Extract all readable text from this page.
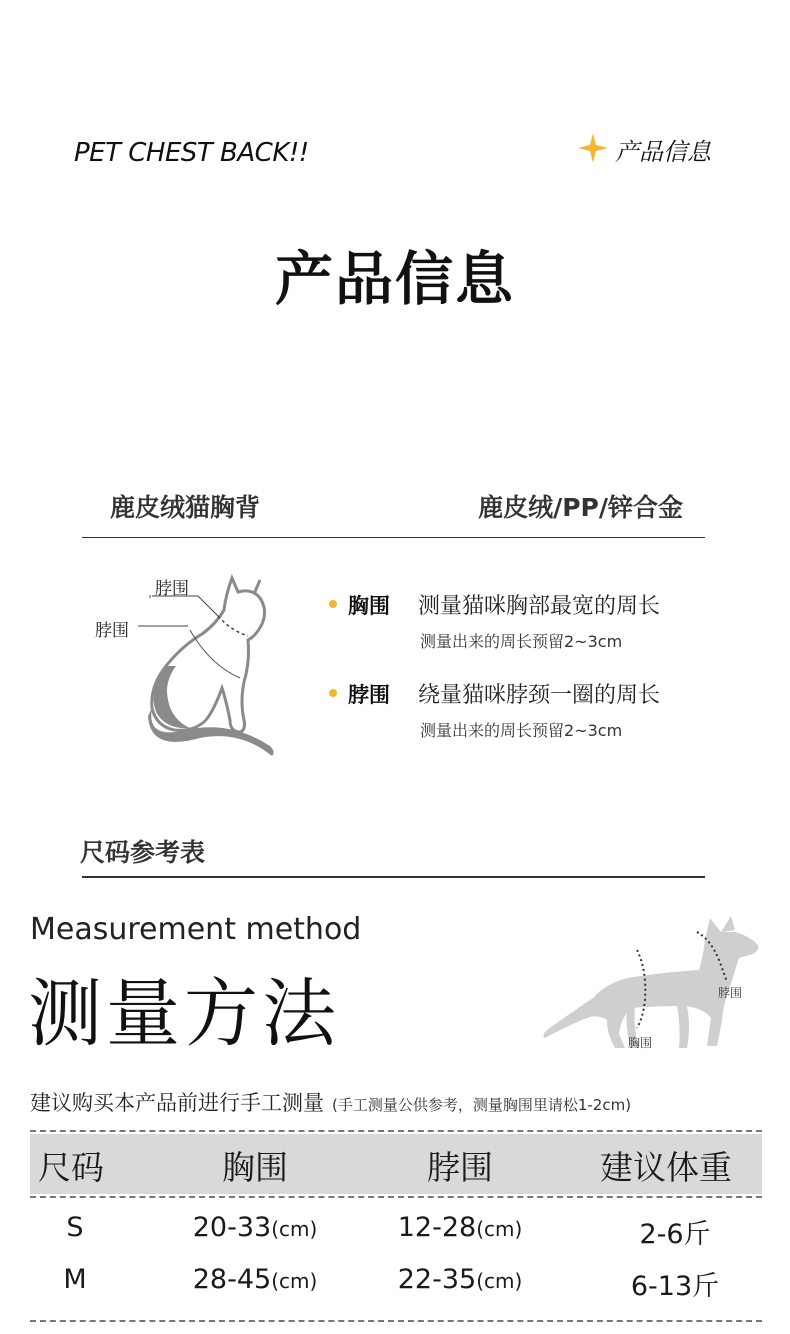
PET CHEST BACK!!	产品信息
产品信息
鹿皮绒猫胸背	鹿皮绒/PP/锌合金
脖围
脖围
胸围 测量猫咪胸部最宽的周长
测量出来的周长预留2~3cm
脖围 绕量猫咪脖颈一圈的周长
测量出来的周长预留2~3cm
尺码参考表
Measurement method
测量方法	脖围
胸围
建议购买本产品前进行手工测量 (手工测量公供参考，测量胸围里请松1-2cm)
尺码	胸围	脖围	建议体重
S	20-33(cm)	12-28(cm)	2-6斤
M	28-45(cm)	22-35(cm)	6-13斤
